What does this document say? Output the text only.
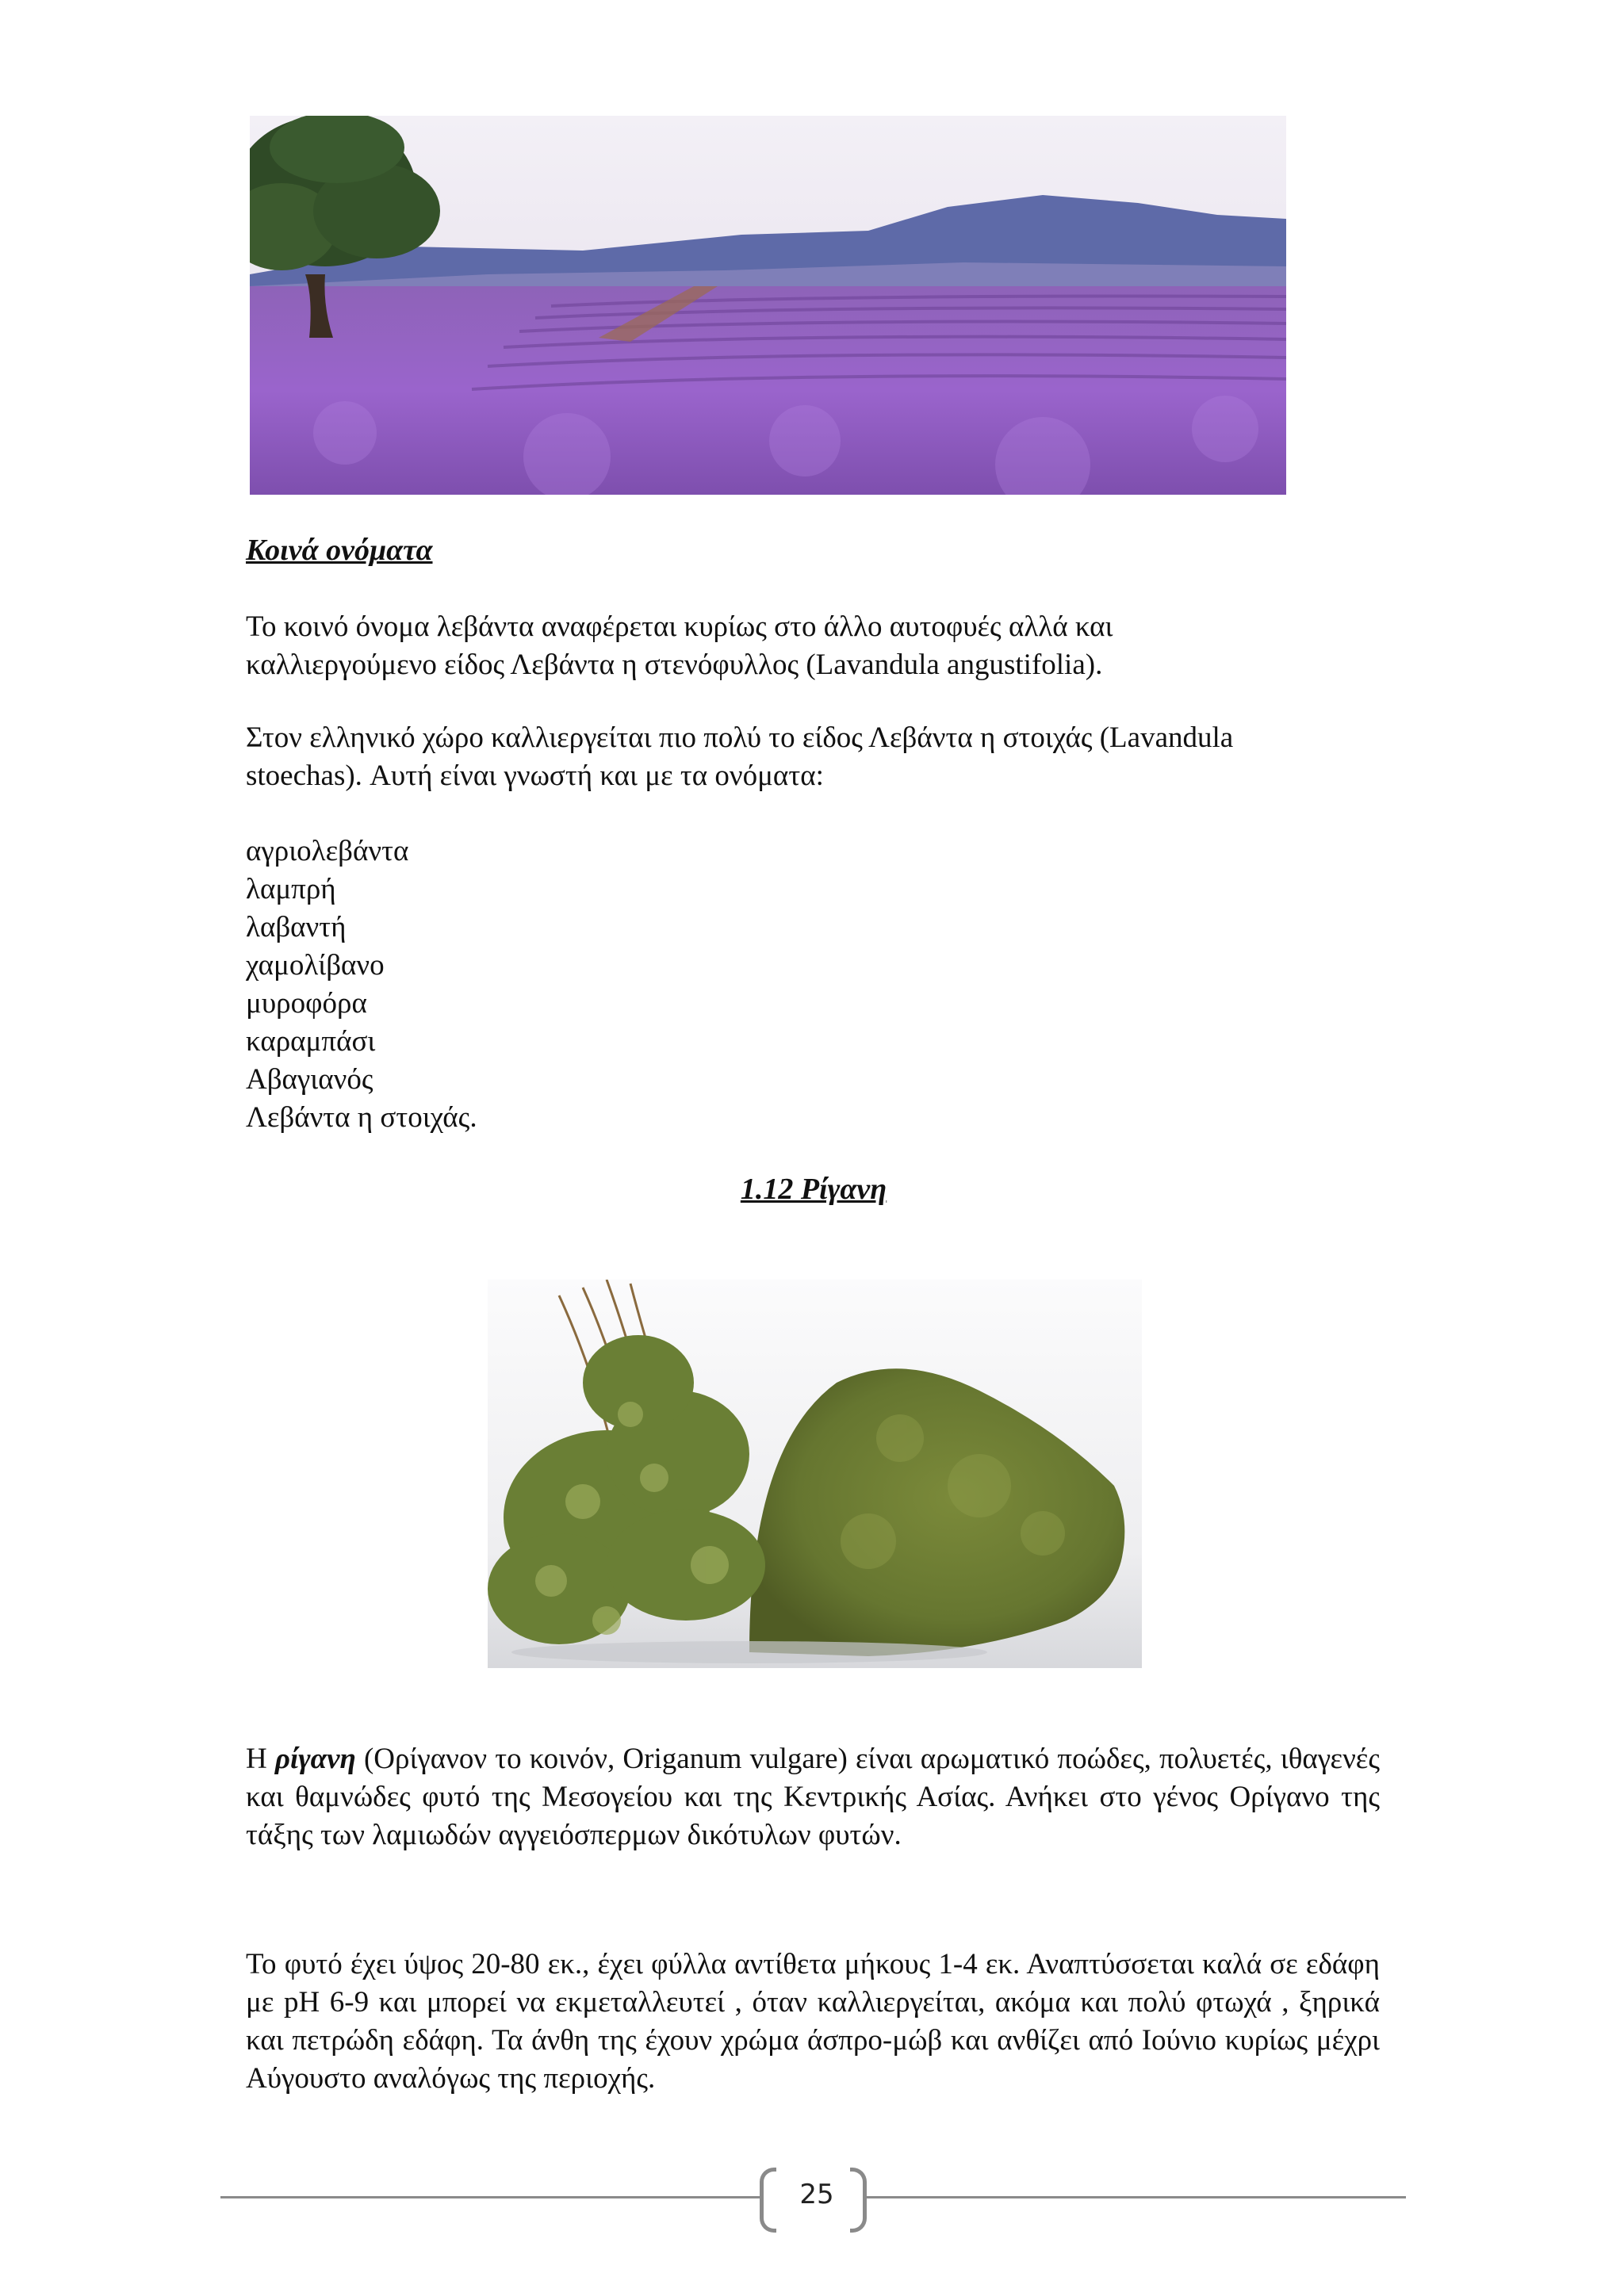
Κοινά ονόματα
Το κοινό όνομα λεβάντα αναφέρεται κυρίως στο άλλο αυτοφυές αλλά και
καλλιεργούμενο είδος Λεβάντα η στενόφυλλος (Lavandula angustifolia).
Στον ελληνικό χώρο καλλιεργείται πιο πολύ το είδος Λεβάντα η στοιχάς (Lavandula
stoechas). Αυτή είναι γνωστή και με τα ονόματα:
αγριολεβάντα
λαμπρή
λαβαντή
χαμολίβανο
μυροφόρα
καραμπάσι
Αβαγιανός
Λεβάντα η στοιχάς.
1.12 Ρίγανη
Η ρίγανη (Ορίγανον το κοινόν, Origanum vulgare) είναι αρωματικό ποώδες, πολυετές, ιθαγενές και θαμνώδες φυτό της Μεσογείου και της Κεντρικής Ασίας. Ανήκει στο γένος Ορίγανο της τάξης των λαμιωδών αγγειόσπερμων δικότυλων φυτών.
Το φυτό έχει ύψος 20-80 εκ., έχει φύλλα αντίθετα μήκους 1-4 εκ. Αναπτύσσεται καλά σε εδάφη με pH 6-9 και μπορεί να εκμεταλλευτεί , όταν καλλιεργείται, ακόμα και πολύ φτωχά , ξηρικά και πετρώδη εδάφη. Τα άνθη της έχουν χρώμα άσπρο-μώβ και ανθίζει από Ιούνιο κυρίως μέχρι Αύγουστο αναλόγως της περιοχής.
25
